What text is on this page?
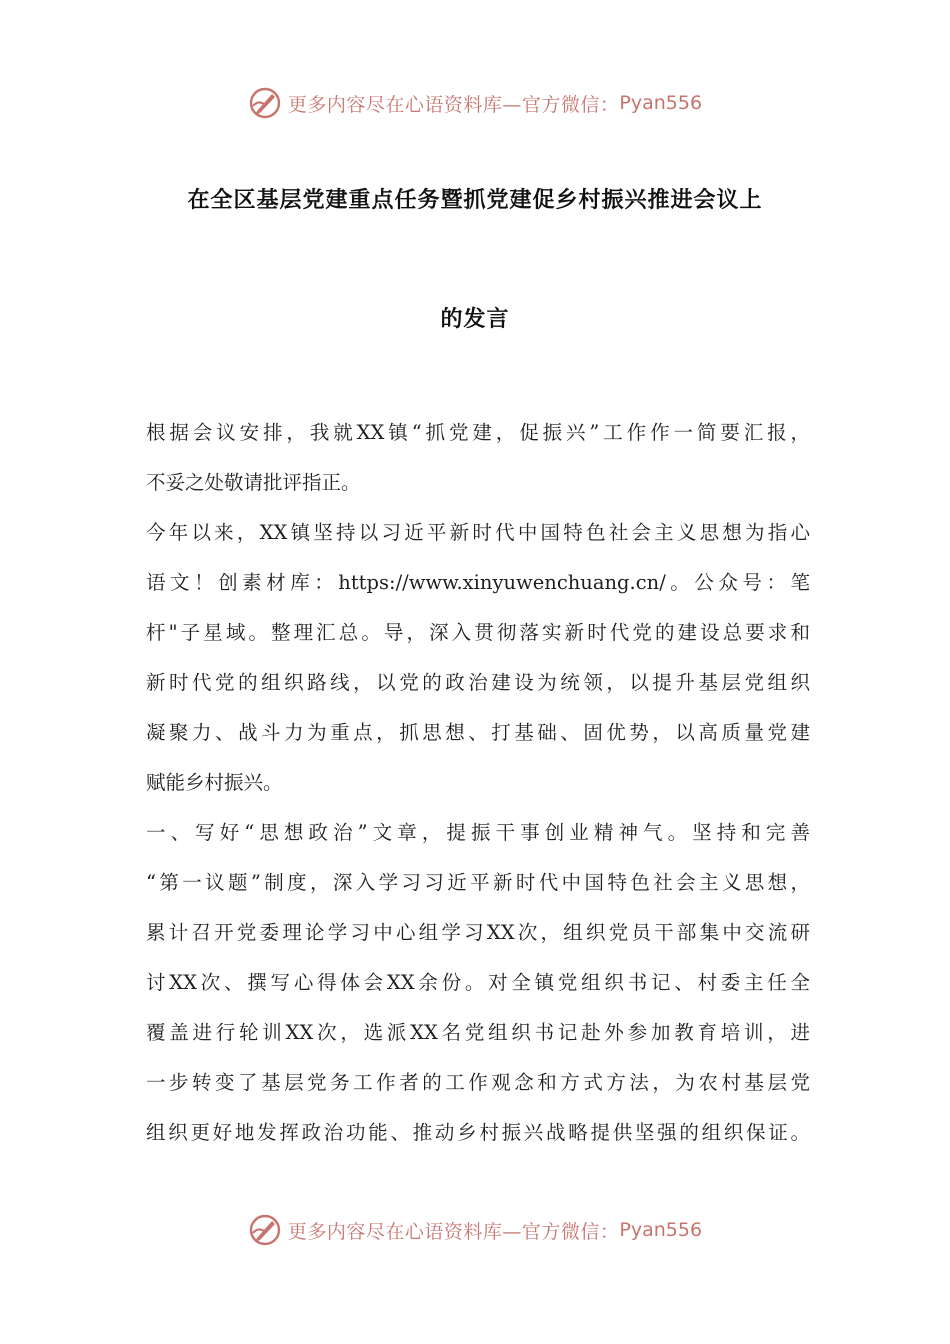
更多内容尽在心语资料库—官方微信： Pyan556
在全区基层党建重点任务暨抓党建促乡村振兴推进会议上
的发言
根据会议安排，我就XX镇“抓党建，促振兴”工作作一简要汇报，
不妥之处敬请批评指正。
今年以来，XX镇坚持以习近平新时代中国特色社会主义思想为指心
语文！创素材库：https://www.xinyuwenchuang.cn/。公众号：笔
杆"子星域。整理汇总。导，深入贯彻落实新时代党的建设总要求和
新时代党的组织路线，以党的政治建设为统领，以提升基层党组织
凝聚力、战斗力为重点，抓思想、打基础、固优势，以高质量党建
赋能乡村振兴。
一、写好“思想政治”文章，提振干事创业精神气。坚持和完善
“第一议题”制度，深入学习习近平新时代中国特色社会主义思想，
累计召开党委理论学习中心组学习XX次，组织党员干部集中交流研
讨XX次、撰写心得体会XX余份。对全镇党组织书记、村委主任全
覆盖进行轮训XX次，选派XX名党组织书记赴外参加教育培训，进
一步转变了基层党务工作者的工作观念和方式方法，为农村基层党
组织更好地发挥政治功能、推动乡村振兴战略提供坚强的组织保证。
更多内容尽在心语资料库—官方微信： Pyan556
